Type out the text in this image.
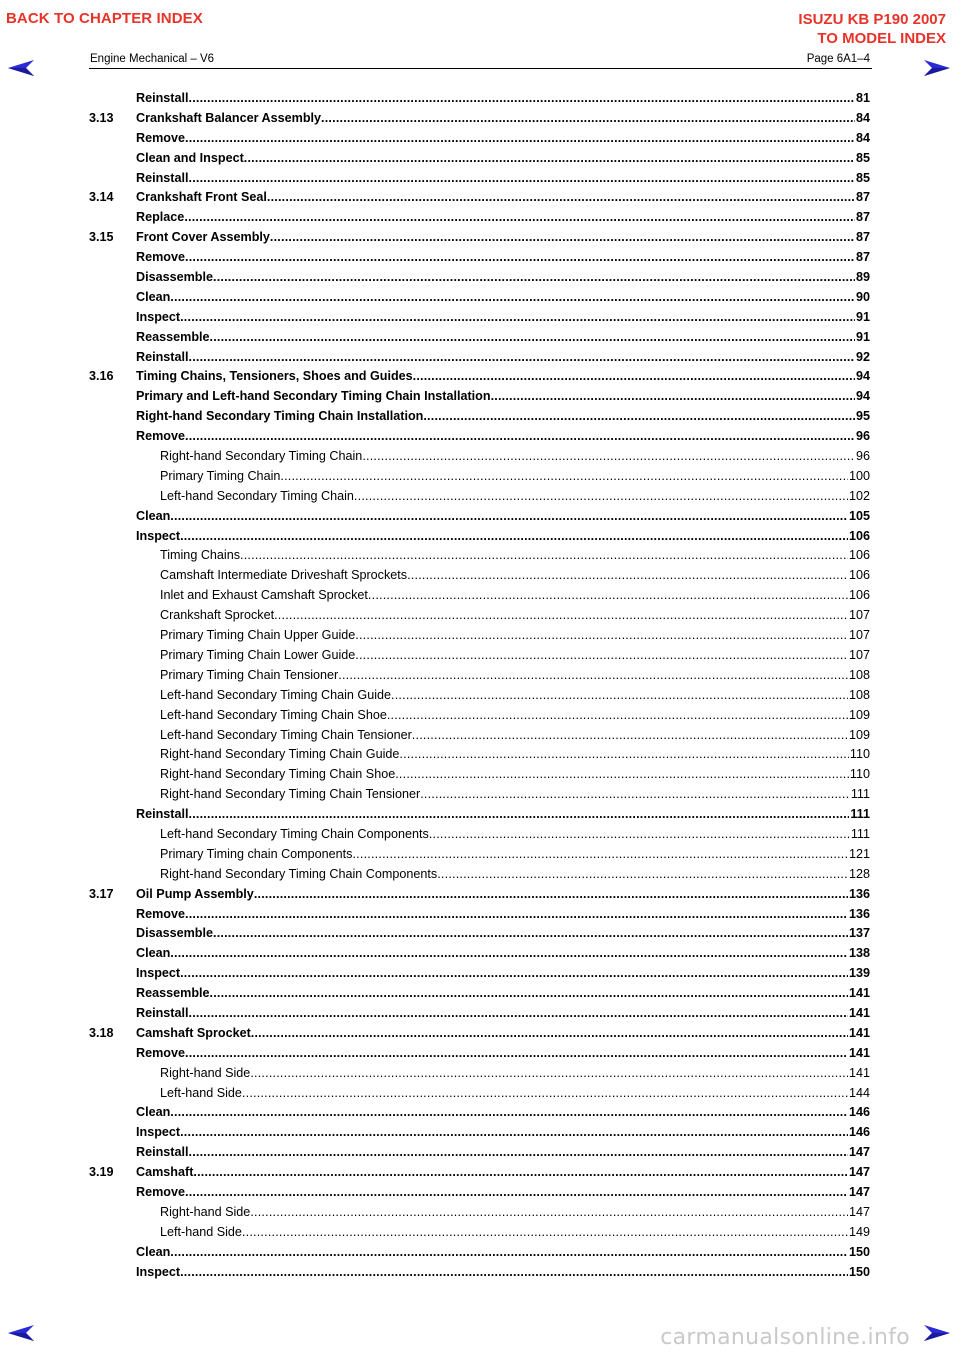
BACK TO CHAPTER INDEX	ISUZU KB P190 2007
TO MODEL INDEX
Engine Mechanical – V6	Page 6A1–4
Reinstall .....	81
3.13 Crankshaft Balancer Assembly .....	84
Remove .....	84
Clean and Inspect .....	85
Reinstall .....	85
3.14 Crankshaft Front Seal .....	87
Replace .....	87
3.15 Front Cover Assembly .....	87
Remove .....	87
Disassemble .....	89
Clean .....	90
Inspect .....	91
Reassemble .....	91
Reinstall .....	92
3.16 Timing Chains, Tensioners, Shoes and Guides .....	94
Primary and Left-hand Secondary Timing Chain Installation .....	94
Right-hand Secondary Timing Chain Installation .....	95
Remove .....	96
Right-hand Secondary Timing Chain .....	96
Primary Timing Chain .....	100
Left-hand Secondary Timing Chain .....	102
Clean .....	105
Inspect .....	106
Timing Chains .....	106
Camshaft Intermediate Driveshaft Sprockets .....	106
Inlet and Exhaust Camshaft Sprocket .....	106
Crankshaft Sprocket .....	107
Primary Timing Chain Upper Guide .....	107
Primary Timing Chain Lower Guide .....	107
Primary Timing Chain Tensioner .....	108
Left-hand Secondary Timing Chain Guide .....	108
Left-hand Secondary Timing Chain Shoe .....	109
Left-hand Secondary Timing Chain Tensioner .....	109
Right-hand Secondary Timing Chain Guide .....	110
Right-hand Secondary Timing Chain Shoe .....	110
Right-hand Secondary Timing Chain Tensioner .....	111
Reinstall .....	111
Left-hand Secondary Timing Chain Components .....	111
Primary Timing chain Components .....	121
Right-hand Secondary Timing Chain Components .....	128
3.17 Oil Pump Assembly .....	136
Remove .....	136
Disassemble .....	137
Clean .....	138
Inspect .....	139
Reassemble .....	141
Reinstall .....	141
3.18 Camshaft Sprocket .....	141
Remove .....	141
Right-hand Side .....	141
Left-hand Side .....	144
Clean .....	146
Inspect .....	146
Reinstall .....	147
3.19 Camshaft .....	147
Remove .....	147
Right-hand Side .....	147
Left-hand Side .....	149
Clean .....	150
Inspect .....	150
carmanualsonline.info
